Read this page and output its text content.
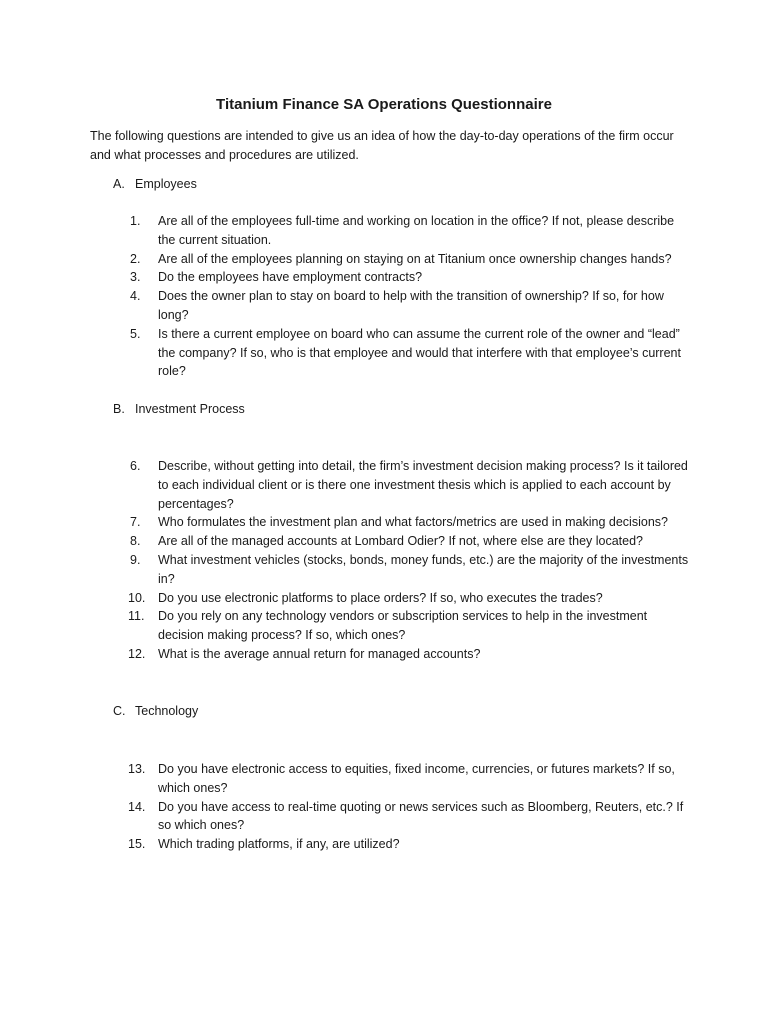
Titanium Finance SA Operations Questionnaire
The following questions are intended to give us an idea of how the day-to-day operations of the firm occur and what processes and procedures are utilized.
A. Employees
1.	Are all of the employees full-time and working on location in the office? If not, please describe the current situation.
2.	Are all of the employees planning on staying on at Titanium once ownership changes hands?
3.	Do the employees have employment contracts?
4.	Does the owner plan to stay on board to help with the transition of ownership? If so, for how long?
5.	Is there a current employee on board who can assume the current role of the owner and “lead” the company? If so, who is that employee and would that interfere with that employee’s current role?
B. Investment Process
6.	Describe, without getting into detail, the firm’s investment decision making process? Is it tailored to each individual client or is there one investment thesis which is applied to each account by percentages?
7.	Who formulates the investment plan and what factors/metrics are used in making decisions?
8.	Are all of the managed accounts at Lombard Odier? If not, where else are they located?
9.	What investment vehicles (stocks, bonds, money funds, etc.) are the majority of the investments in?
10.	Do you use electronic platforms to place orders? If so, who executes the trades?
11.	Do you rely on any technology vendors or subscription services to help in the investment decision making process? If so, which ones?
12.	What is the average annual return for managed accounts?
C. Technology
13.	Do you have electronic access to equities, fixed income, currencies, or futures markets? If so, which ones?
14.	Do you have access to real-time quoting or news services such as Bloomberg, Reuters, etc.? If so which ones?
15.	Which trading platforms, if any, are utilized?
